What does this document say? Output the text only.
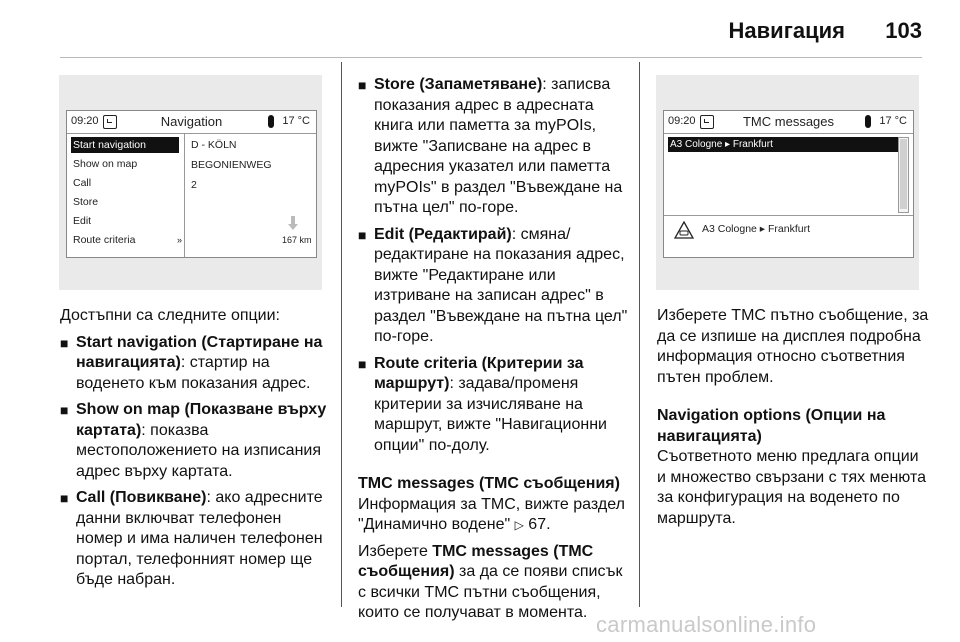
Навигация 103
09:20	Navigation	17 °C
Start navigation
Show on map
Call
Store
Edit
Route criteria	»
D - KÖLN
BEGONIENWEG
2
167 km

Достъпни са следните опции:

■ Start navigation (Стартиране на навигацията): стартир на воденето към показания адрес.

■ Show on map (Показване върху картата): показва местоположението на изписания адрес върху картата.

■ Call (Повикване): ако адресните данни включват телефонен номер и има наличен телефонен портал, телефонният номер ще бъде набран.

■ Store (Запаметяване): записва показания адрес в адресната книга или паметта за myPOIs, вижте "Записване на адрес в адресния указател или паметта myPOIs" в раздел "Въвеждане на пътна цел" по-горе.

■ Edit (Редактирай): смяна/редактиране на показания адрес, вижте "Редактиране или изтриване на записан адрес" в раздел "Въвеждане на пътна цел" по-горе.

■ Route criteria (Критерии за маршрут): задава/променя критерии за изчисляване на маршрут, вижте "Навигационни опции" по-долу.

TMC messages (TMC съобщения)

Информация за TMC, вижте раздел "Динамично водене" ▷ 67.

Изберете TMC messages (TMC съобщения) за да се появи списък с всички TMC пътни съобщения, които се получават в момента.

09:20	TMC messages	17 °C
A3 Cologne ▸ Frankfurt
A3 Cologne ▸ Frankfurt

Изберете TMC пътно съобщение, за да се изпише на дисплея подробна информация относно съответния пътен проблем.

Navigation options (Опции на навигацията)

Съответното меню предлага опции и множество свързани с тях менюта за конфигурация на воденето по маршрута.

carmanualsonline.info
